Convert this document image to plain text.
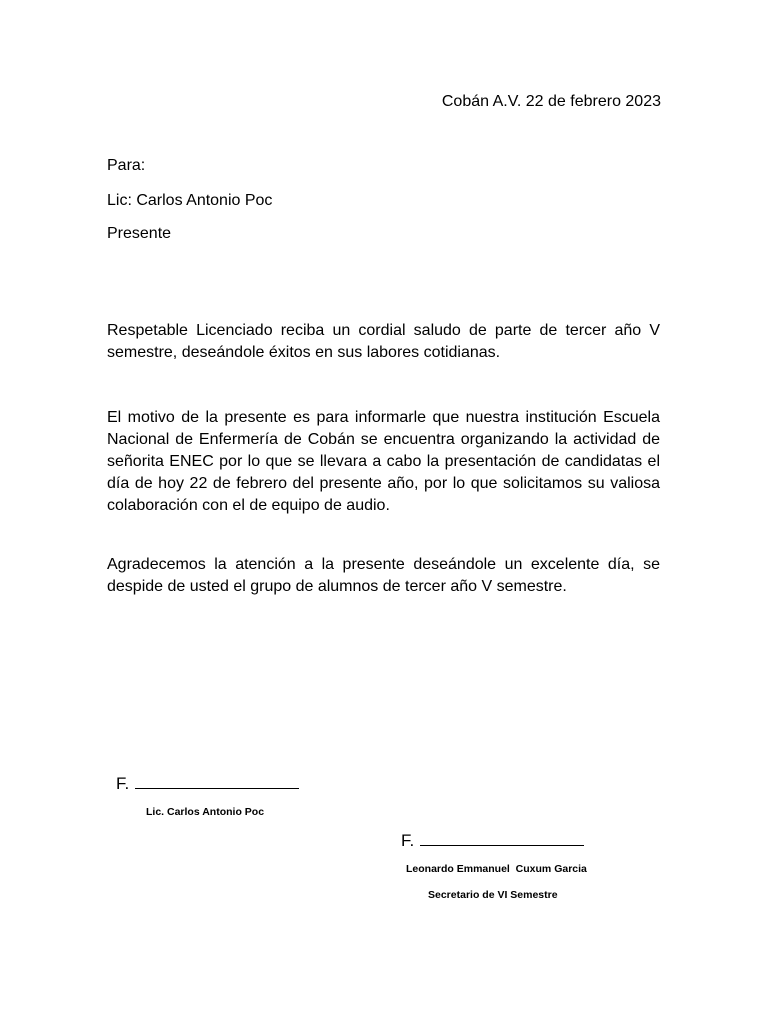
Cobán A.V. 22 de febrero 2023
Para:
Lic: Carlos Antonio Poc
Presente

Respetable Licenciado reciba un cordial saludo de parte de tercer año V semestre, deseándole éxitos en sus labores cotidianas.

El motivo de la presente es para informarle que nuestra institución Escuela Nacional de Enfermería de Cobán se encuentra organizando la actividad de señorita ENEC por lo que se llevara a cabo la presentación de candidatas el día de hoy 22 de febrero del presente año, por lo que solicitamos su valiosa colaboración con el de equipo de audio.

Agradecemos la atención a la presente deseándole un excelente día, se despide de usted el grupo de alumnos de tercer año V semestre.

F.
Lic. Carlos Antonio Poc
F.
Leonardo Emmanuel  Cuxum Garcia
Secretario de VI Semestre
